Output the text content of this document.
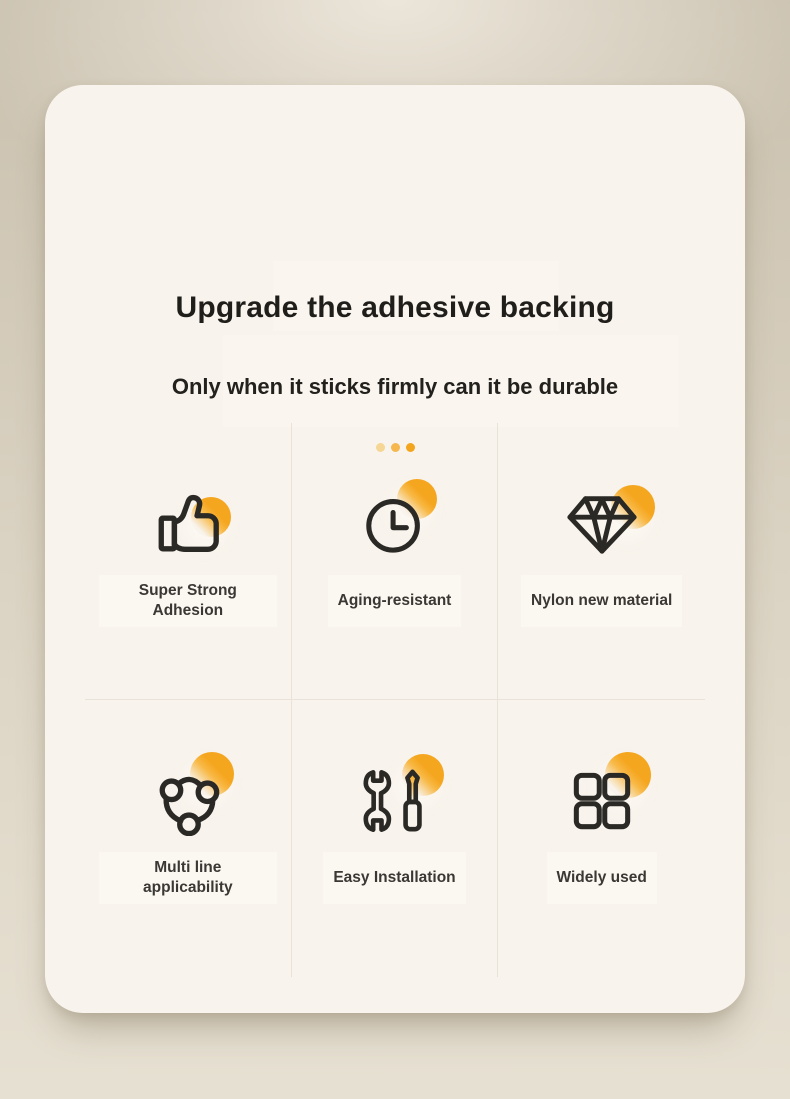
Upgrade the adhesive backing
Only when it sticks firmly can it be durable
Super Strong Adhesion
Aging-resistant	Nylon new material
Multi line applicability
Easy Installation	Widely used
